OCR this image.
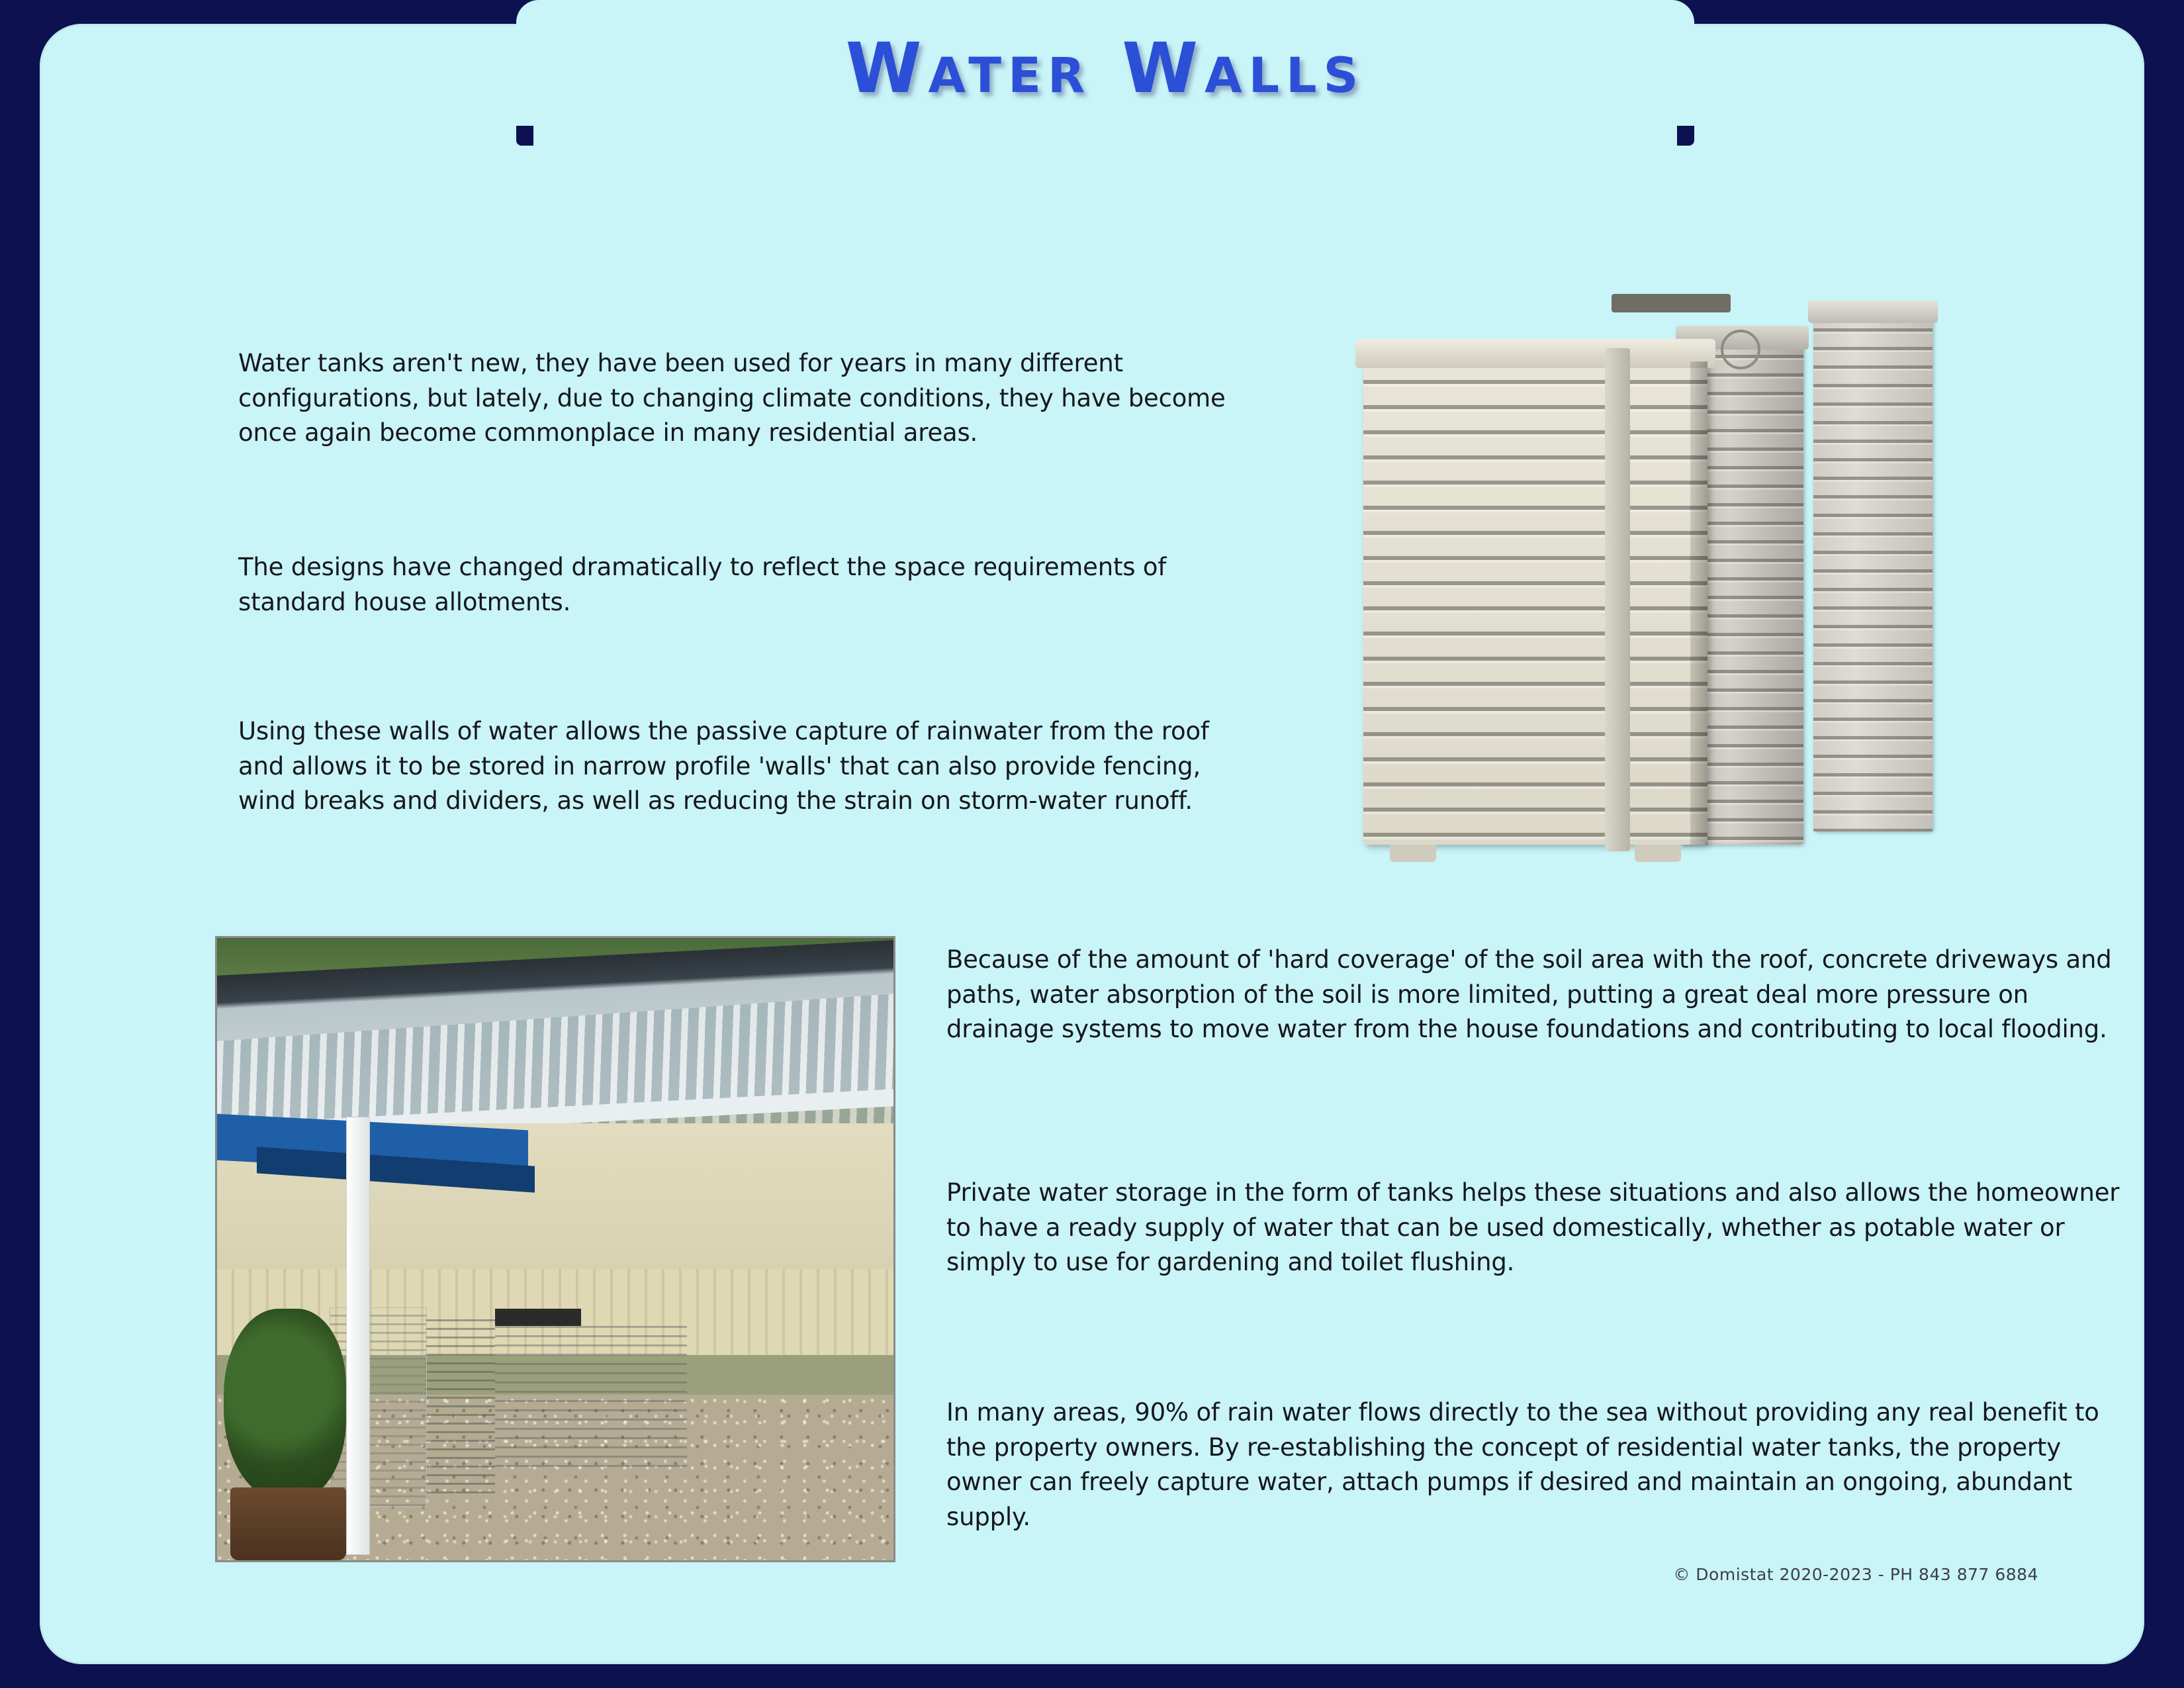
Water Walls
Water tanks aren't new, they have been used for years in many different configurations, but lately, due to changing climate conditions, they have become once again become commonplace in many residential areas.
The designs have changed dramatically to reflect the space requirements of standard house allotments.
Using these walls of water allows the passive capture of rainwater from the roof and allows it to be stored in narrow profile 'walls' that can also provide fencing, wind breaks and dividers, as well as reducing the strain on storm-water runoff.
Because of the amount of 'hard coverage' of the soil area with the roof, concrete driveways and paths, water absorption of the soil is more limited, putting a great deal more pressure on drainage systems to move water from the house foundations and contributing to local flooding.
Private water storage in the form of tanks helps these situations and also allows the homeowner to have a ready supply of water that can be used domestically, whether as potable water or simply to use for gardening and toilet flushing.
In many areas, 90% of rain water flows directly to the sea without providing any real benefit to the property owners. By re-establishing the concept of residential water tanks, the property owner can freely capture water, attach pumps if desired and maintain an ongoing, abundant supply.
© Domistat 2020-2023 - PH 843 877 6884
